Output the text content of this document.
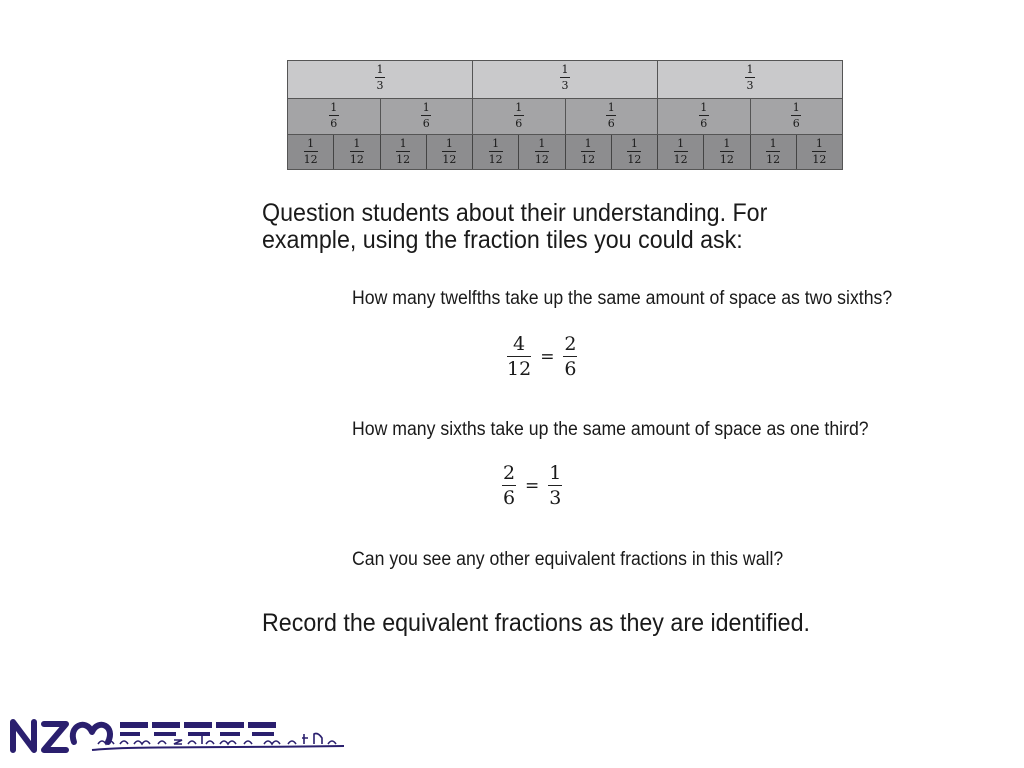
1
3
1
3
1
3
1
6
1
6
1
6
1
6
1
6
1
6
1
12
1
12
1
12
1
12
1
12
1
12
1
12
1
12
1
12
1
12
1
12
1
12

Question students about their understanding. For example, using the fraction tiles you could ask:

How many twelfths take up the same amount of space as two sixths?

4
12
=
2
6

How many sixths take up the same amount of space as one third?

2
6
=
1
3

Can you see any other equivalent fractions in this wall?

Record the equivalent fractions as they are identified.
